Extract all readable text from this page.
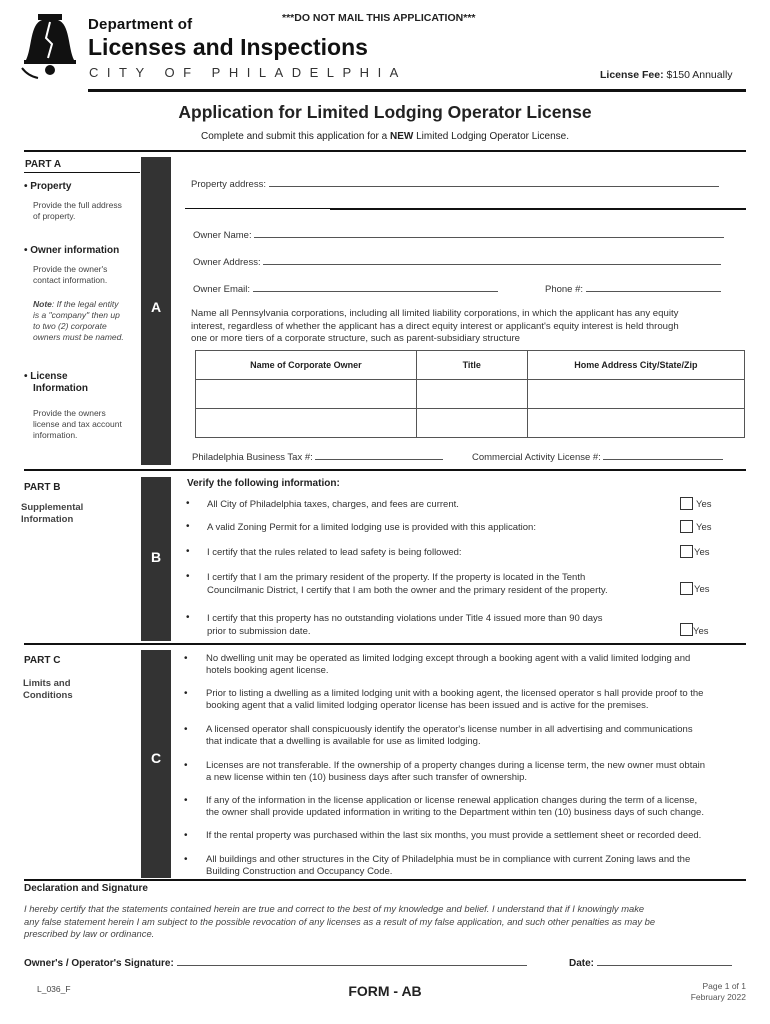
***DO NOT MAIL THIS APPLICATION***
Department of
Licenses and Inspections
CITY OF PHILADELPHIA	License Fee: $150 Annually
Application for Limited Lodging Operator License
Complete and submit this application for a NEW Limited Lodging Operator License.
PART A
A
• Property
Provide the full address
of property.
• Owner information
Provide the owner's
contact information.
Note: If the legal entity
is a "company" then up
to two (2) corporate
owners must be named.
• License
Information
Provide the owners
license and tax account
information.
Property address:
Owner Name:
Owner Address:
Owner Email:	Phone #:
Name all Pennsylvania corporations, including all limited liability corporations, in which the applicant has any equity
interest, regardless of whether the applicant has a direct equity interest or applicant's equity interest is held through
one or more tiers of a corporate structure, such as parent-subsidiary structure
Name of Corporate Owner	Title	Home Address City/State/Zip

Philadelphia Business Tax #:	Commercial Activity License #:
PART B
Supplemental
Information
B
Verify the following information:
• All City of Philadelphia taxes, charges, and fees are current.	Yes
• A valid Zoning Permit for a limited lodging use is provided with this application:	Yes
• I certify that the rules related to lead safety is being followed:	Yes
• I certify that I am the primary resident of the property. If the property is located in the Tenth
Councilmanic District, I certify that I am both the owner and the primary resident of the property.	Yes
• I certify that this property has no outstanding violations under Title 4 issued more than 90 days
prior to submission date.	Yes
PART C
Limits and
Conditions
C
• No dwelling unit may be operated as limited lodging except through a booking agent with a valid limited lodging and
hotels booking agent license.
• Prior to listing a dwelling as a limited lodging unit with a booking agent, the licensed operator s hall provide proof to the
booking agent that a valid limited lodging operator license has been issued and is active for the premises.
• A licensed operator shall conspicuously identify the operator's license number in all advertising and communications
that indicate that a dwelling is available for use as limited lodging.
• Licenses are not transferable. If the ownership of a property changes during a license term, the new owner must obtain
a new license within ten (10) business days after such transfer of ownership.
• If any of the information in the license application or license renewal application changes during the term of a license,
the owner shall provide updated information in writing to the Department within ten (10) business days of such change.
• If the rental property was purchased within the last six months, you must provide a settlement sheet or recorded deed.
• All buildings and other structures in the City of Philadelphia must be in compliance with current Zoning laws and the
Building Construction and Occupancy Code.
Declaration and Signature
I hereby certify that the statements contained herein are true and correct to the best of my knowledge and belief. I understand that if I knowingly make
any false statement herein I am subject to the possible revocation of any licenses as a result of my false application, and such other penalties as may be
prescribed by law or ordinance.
Owner's / Operator's Signature:	Date:
L_036_F	FORM - AB	Page 1 of 1
February 2022
